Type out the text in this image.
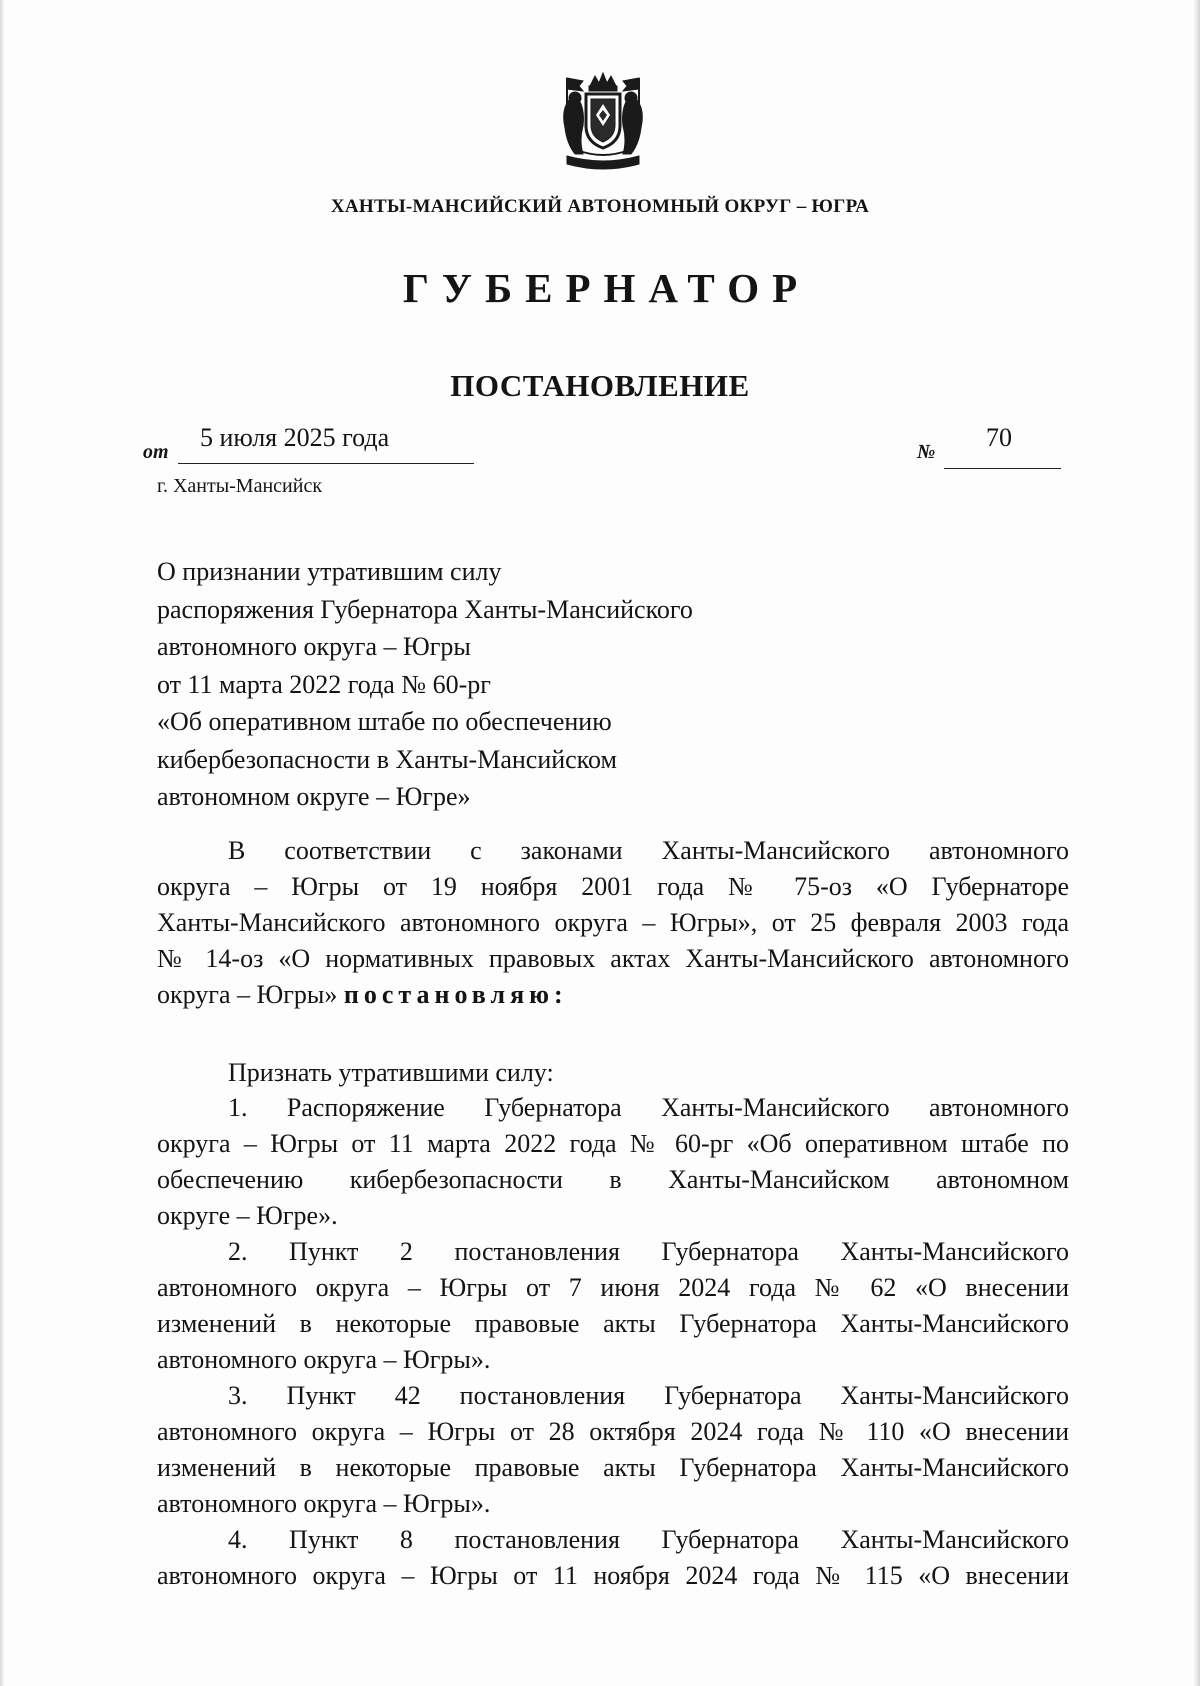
ХАНТЫ-МАНСИЙСКИЙ АВТОНОМНЫЙ ОКРУГ – ЮГРА
ГУБЕРНАТОР
ПОСТАНОВЛЕНИЕ
от 5 июля 2025 года	№ 70
г. Ханты-Мансийск
О признании утратившим силу
распоряжения Губернатора Ханты-Мансийского
автономного округа – Югры
от 11 марта 2022 года № 60-рг
«Об оперативном штабе по обеспечению
кибербезопасности в Ханты-Мансийском
автономном округе – Югре»
В соответствии с законами Ханты-Мансийского автономного
округа – Югры от 19 ноября 2001 года № 75-оз «О Губернаторе
Ханты-Мансийского автономного округа – Югры», от 25 февраля 2003 года
№ 14-оз «О нормативных правовых актах Ханты-Мансийского автономного
округа – Югры» постановляю:
Признать утратившими силу:
1. Распоряжение Губернатора Ханты-Мансийского автономного
округа – Югры от 11 марта 2022 года № 60-рг «Об оперативном штабе по
обеспечению кибербезопасности в Ханты-Мансийском автономном
округе – Югре».
2. Пункт 2 постановления Губернатора Ханты-Мансийского
автономного округа – Югры от 7 июня 2024 года № 62 «О внесении
изменений в некоторые правовые акты Губернатора Ханты-Мансийского
автономного округа – Югры».
3. Пункт 42 постановления Губернатора Ханты-Мансийского
автономного округа – Югры от 28 октября 2024 года № 110 «О внесении
изменений в некоторые правовые акты Губернатора Ханты-Мансийского
автономного округа – Югры».
4. Пункт 8 постановления Губернатора Ханты-Мансийского
автономного округа – Югры от 11 ноября 2024 года № 115 «О внесении
